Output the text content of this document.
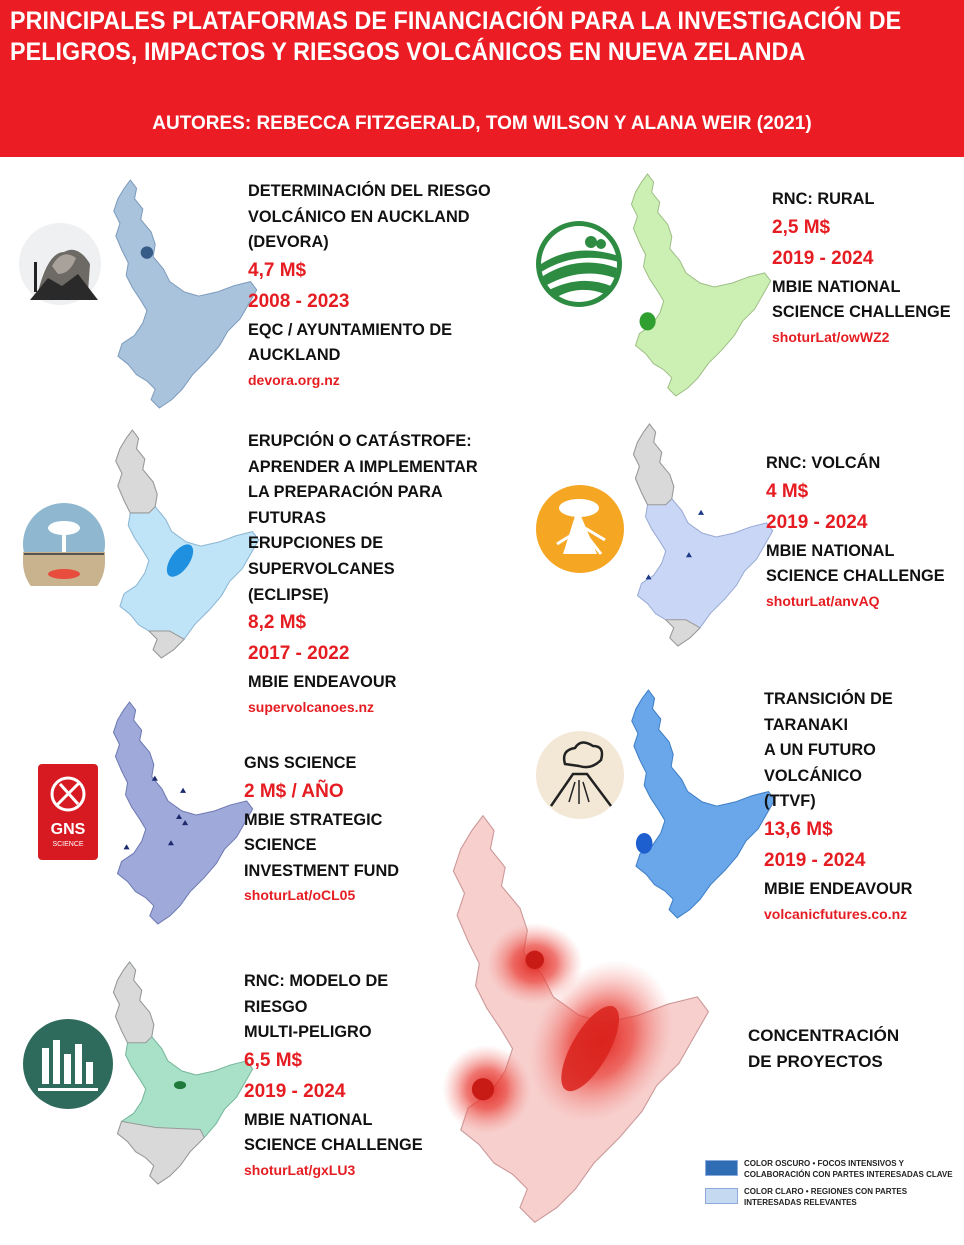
PRINCIPALES PLATAFORMAS DE FINANCIACIÓN PARA LA INVESTIGACIÓN DE
PELIGROS, IMPACTOS Y RIESGOS VOLCÁNICOS EN NUEVA ZELANDA
AUTORES: REBECCA FITZGERALD, TOM WILSON Y ALANA WEIR (2021)
DETERMINACIÓN DEL RIESGO
VOLCÁNICO EN AUCKLAND
(DEVORA)
4,7 M$
2008 - 2023
EQC / AYUNTAMIENTO DE
AUCKLAND
devora.org.nz
RNC: RURAL
2,5 M$
2019 - 2024
MBIE NATIONAL
SCIENCE CHALLENGE
shoturLat/owWZ2
ERUPCIÓN O CATÁSTROFE:
APRENDER A IMPLEMENTAR
LA PREPARACIÓN PARA
FUTURAS
ERUPCIONES DE
SUPERVOLCANES
(ECLIPSE)
8,2 M$
2017 - 2022
MBIE ENDEAVOUR
supervolcanoes.nz
RNC: VOLCÁN
4 M$
2019 - 2024
MBIE NATIONAL
SCIENCE CHALLENGE
shoturLat/anvAQ
GNS
SCIENCE
GNS SCIENCE
2 M$ / AÑO
MBIE STRATEGIC
SCIENCE
INVESTMENT FUND
shoturLat/oCL05
TRANSICIÓN DE
TARANAKI
A UN FUTURO
VOLCÁNICO
(TTVF)
13,6 M$
2019 - 2024
MBIE ENDEAVOUR
volcanicfutures.co.nz
RNC: MODELO DE
RIESGO
MULTI-PELIGRO
6,5 M$
2019 - 2024
MBIE NATIONAL
SCIENCE CHALLENGE
shoturLat/gxLU3
CONCENTRACIÓN
DE PROYECTOS
COLOR OSCURO • FOCOS INTENSIVOS Y COLABORACIÓN CON PARTES INTERESADAS CLAVE
COLOR CLARO • REGIONES CON PARTES INTERESADAS RELEVANTES
